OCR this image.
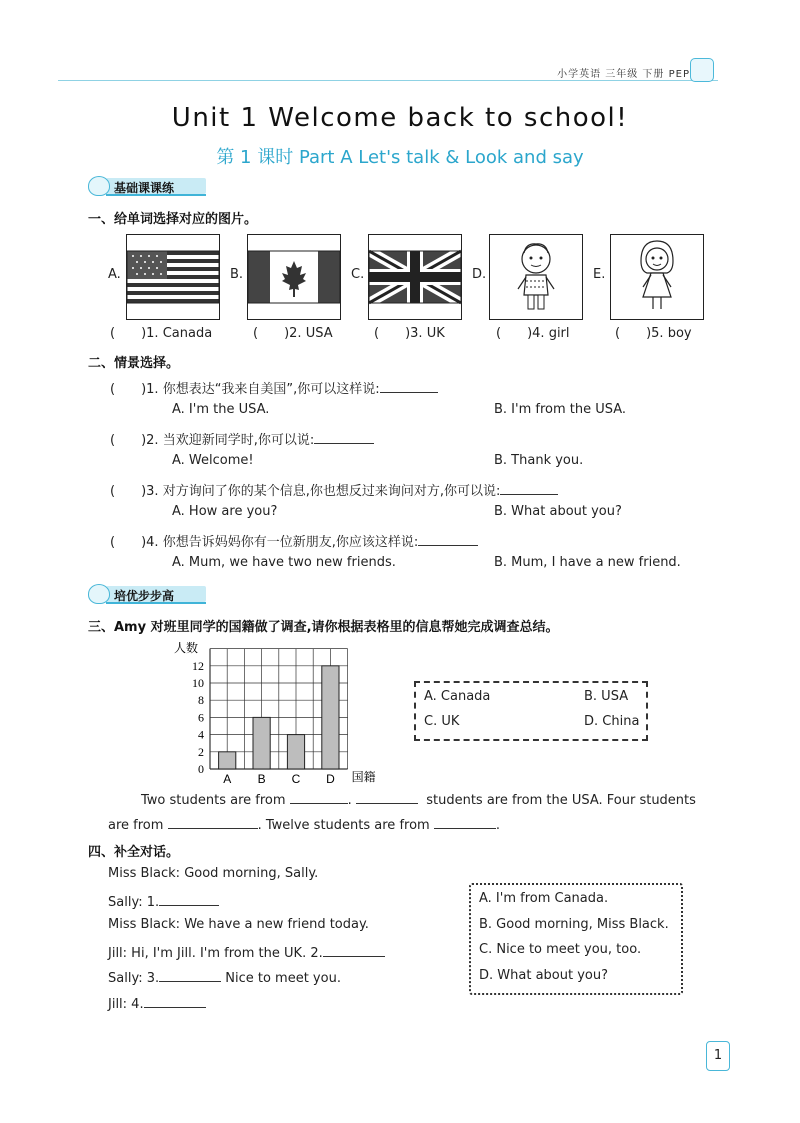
小学英语 三年级 下册 PEP
Unit 1 Welcome back to school!
第 1 课时 Part A Let's talk & Look and say
基础课课练
一、给单词选择对应的图片。
A.	B.	C.	D.	E.
( )1. Canada	( )2. USA	( )3. UK	( )4. girl	( )5. boy
二、情景选择。
( )1. 你想表达“我来自美国”,你可以这样说:
A. I'm the USA.	B. I'm from the USA.
( )2. 当欢迎新同学时,你可以说:
A. Welcome!	B. Thank you.
( )3. 对方询问了你的某个信息,你也想反过来询问对方,你可以说:
A. How are you?	B. What about you?
( )4. 你想告诉妈妈你有一位新朋友,你应该这样说:
A. Mum, we have two new friends.	B. Mum, I have a new friend.
培优步步高
三、Amy 对班里同学的国籍做了调查,请你根据表格里的信息帮她完成调查总结。
A B C D
0
2
4
6
8
10
12
人数
国籍
A. Canada	B. USA
C. UK	D. China
Two students are from	.	students are from the USA. Four students
are from	. Twelve students are from	.
四、补全对话。
Miss Black: Good morning, Sally.
Sally: 1.
Miss Black: We have a new friend today.
Jill: Hi, I'm Jill. I'm from the UK. 2.
Sally: 3.	Nice to meet you.
Jill: 4.
A. I'm from Canada.
B. Good morning, Miss Black.
C. Nice to meet you, too.
D. What about you?
1
